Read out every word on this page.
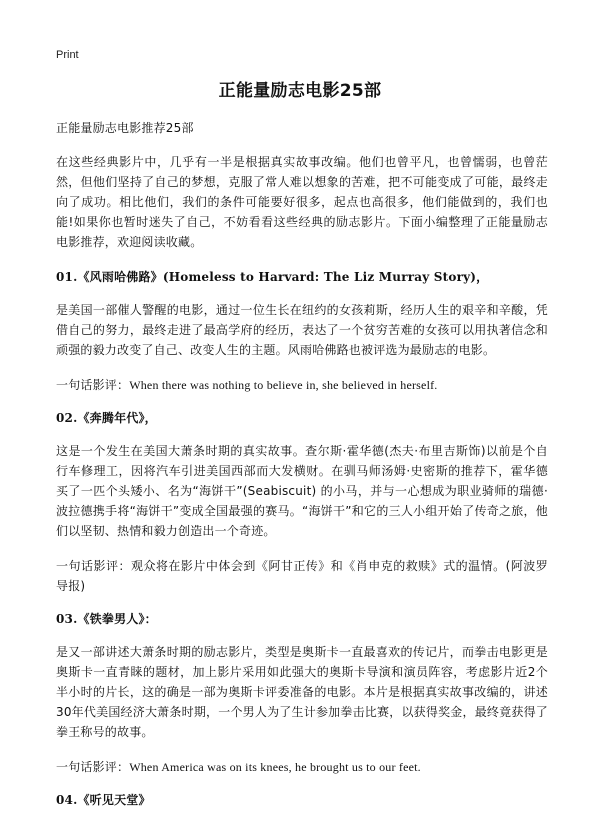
Print
正能量励志电影25部

正能量励志电影推荐25部

在这些经典影片中，几乎有一半是根据真实故事改编。他们也曾平凡，也曾懦弱，也曾茫然，但他们坚持了自己的梦想，克服了常人难以想象的苦难，把不可能变成了可能，最终走向了成功。相比他们，我们的条件可能要好很多，起点也高很多，他们能做到的，我们也能!如果你也暂时迷失了自己，不妨看看这些经典的励志影片。下面小编整理了正能量励志电影推荐，欢迎阅读收藏。

01.《风雨哈佛路》(Homeless to Harvard: The Liz Murray Story)，

是美国一部催人警醒的电影，通过一位生长在纽约的女孩莉斯，经历人生的艰辛和辛酸，凭借自己的努力，最终走进了最高学府的经历，表达了一个贫穷苦难的女孩可以用执著信念和顽强的毅力改变了自己、改变人生的主题。风雨哈佛路也被评选为最励志的电影。

一句话影评：When there was nothing to believe in, she believed in herself.

02.《奔腾年代》，

这是一个发生在美国大萧条时期的真实故事。查尔斯·霍华德(杰夫·布里吉斯饰)以前是个自行车修理工，因将汽车引进美国西部而大发横财。在驯马师汤姆·史密斯的推荐下，霍华德买了一匹个头矮小、名为“海饼干”(Seabiscuit) 的小马，并与一心想成为职业骑师的瑞德·波拉德携手将“海饼干”变成全国最强的赛马。“海饼干”和它的三人小组开始了传奇之旅，他们以坚韧、热情和毅力创造出一个奇迹。

一句话影评：观众将在影片中体会到《阿甘正传》和《肖申克的救赎》式的温情。(阿波罗导报)

03.《铁拳男人》：

是又一部讲述大萧条时期的励志影片，类型是奥斯卡一直最喜欢的传记片，而拳击电影更是奥斯卡一直青睐的题材，加上影片采用如此强大的奥斯卡导演和演员阵容，考虑影片近2个半小时的片长，这的确是一部为奥斯卡评委准备的电影。本片是根据真实故事改编的，讲述30年代美国经济大萧条时期，一个男人为了生计参加拳击比赛，以获得奖金，最终竟获得了拳王称号的故事。

一句话影评：When America was on its knees, he brought us to our feet.

04.《听见天堂》
